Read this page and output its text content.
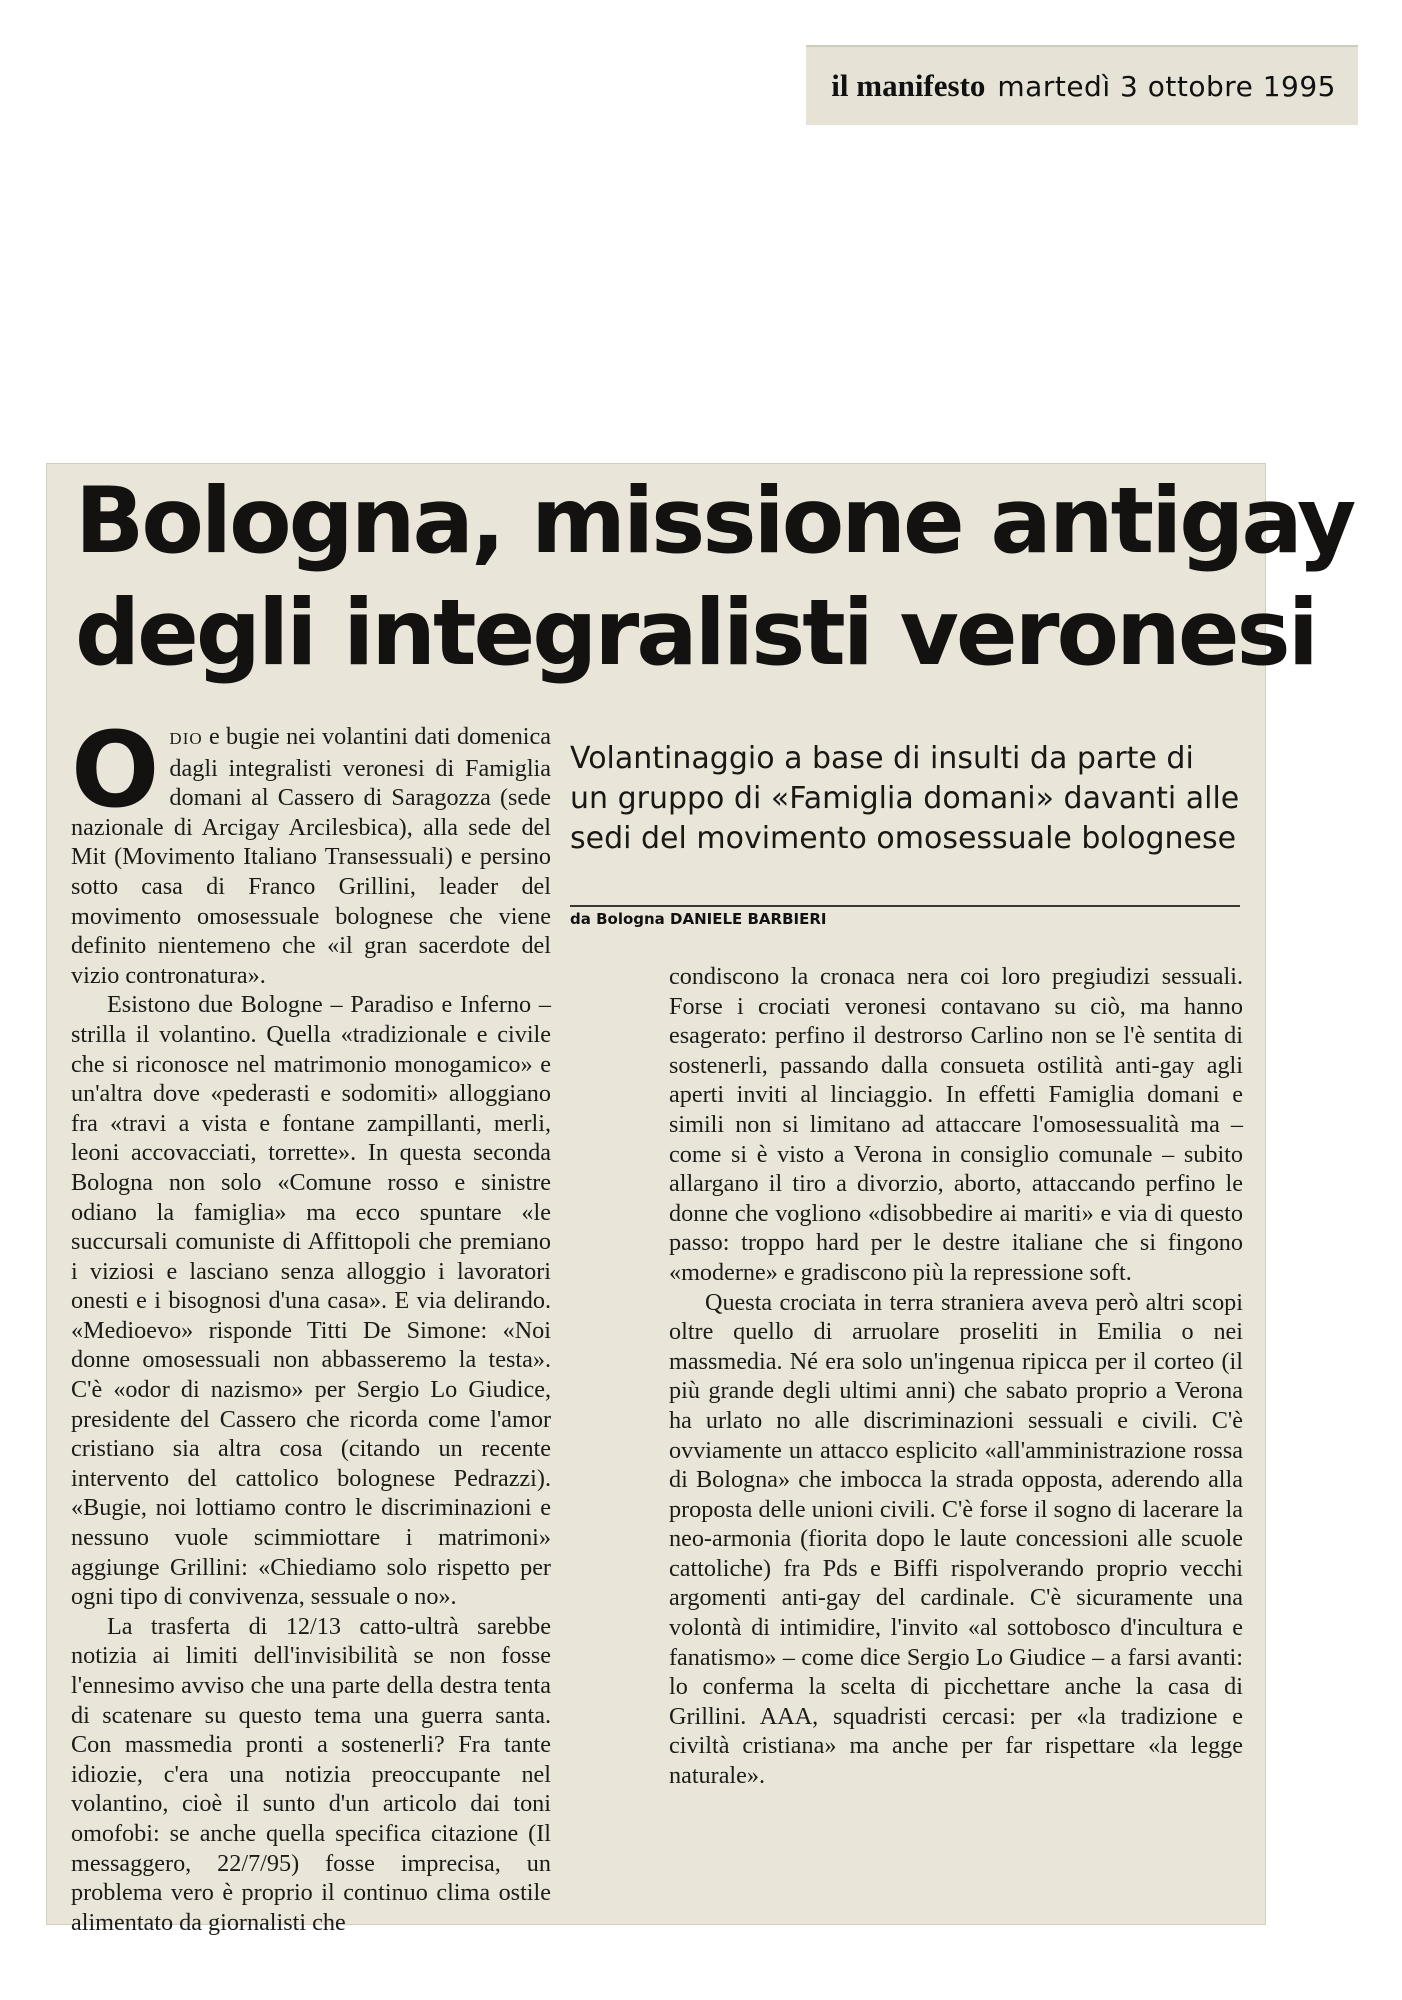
il manifesto martedì 3 ottobre 1995
Bologna, missione antigay
degli integralisti veronesi
Volantinaggio a base di insulti da parte di un gruppo di «Famiglia domani» davanti alle sedi del movimento omosessuale bolognese
da Bologna DANIELE BARBIERI

ODIO e bugie nei volantini dati domenica dagli integralisti veronesi di Famiglia domani al Cassero di Saragozza (sede nazionale di Arcigay Arcilesbica), alla sede del Mit (Movimento Italiano Transessuali) e persino sotto casa di Franco Grillini, leader del movimento omosessuale bolognese che viene definito nientemeno che «il gran sacerdote del vizio contronatura».

Esistono due Bologne – Paradiso e Inferno – strilla il volantino. Quella «tradizionale e civile che si riconosce nel matrimonio monogamico» e un'altra dove «pederasti e sodomiti» alloggiano fra «travi a vista e fontane zampillanti, merli, leoni accovacciati, torrette». In questa seconda Bologna non solo «Comune rosso e sinistre odiano la famiglia» ma ecco spuntare «le succursali comuniste di Affittopoli che premiano i viziosi e lasciano senza alloggio i lavoratori onesti e i bisognosi d'una casa». E via delirando. «Medioevo» risponde Titti De Simone: «Noi donne omosessuali non abbasseremo la testa». C'è «odor di nazismo» per Sergio Lo Giudice, presidente del Cassero che ricorda come l'amor cristiano sia altra cosa (citando un recente intervento del cattolico bolognese Pedrazzi). «Bugie, noi lottiamo contro le discriminazioni e nessuno vuole scimmiottare i matrimoni» aggiunge Grillini: «Chiediamo solo rispetto per ogni tipo di convivenza, sessuale o no».

La trasferta di 12/13 catto-ultrà sarebbe notizia ai limiti dell'invisibilità se non fosse l'ennesimo avviso che una parte della destra tenta di scatenare su questo tema una guerra santa. Con massmedia pronti a sostenerli? Fra tante idiozie, c'era una notizia preoccupante nel volantino, cioè il sunto d'un articolo dai toni omofobi: se anche quella specifica citazione (Il messaggero, 22/7/95) fosse imprecisa, un problema vero è proprio il continuo clima ostile alimentato da giornalisti che

condiscono la cronaca nera coi loro pregiudizi sessuali. Forse i crociati veronesi contavano su ciò, ma hanno esagerato: perfino il destrorso Carlino non se l'è sentita di sostenerli, passando dalla consueta ostilità anti-gay agli aperti inviti al linciaggio. In effetti Famiglia domani e simili non si limitano ad attaccare l'omosessualità ma – come si è visto a Verona in consiglio comunale – subito allargano il tiro a divorzio, aborto, attaccando perfino le donne che vogliono «disobbedire ai mariti» e via di questo passo: troppo hard per le destre italiane che si fingono «moderne» e gradiscono più la repressione soft.

Questa crociata in terra straniera aveva però altri scopi oltre quello di arruolare proseliti in Emilia o nei massmedia. Né era solo un'ingenua ripicca per il corteo (il più grande degli ultimi anni) che sabato proprio a Verona ha urlato no alle discriminazioni sessuali e civili. C'è ovviamente un attacco esplicito «all'amministrazione rossa di Bologna» che imbocca la strada opposta, aderendo alla proposta delle unioni civili. C'è forse il sogno di lacerare la neo-armonia (fiorita dopo le laute concessioni alle scuole cattoliche) fra Pds e Biffi rispolverando proprio vecchi argomenti anti-gay del cardinale. C'è sicuramente una volontà di intimidire, l'invito «al sottobosco d'incultura e fanatismo» – come dice Sergio Lo Giudice – a farsi avanti: lo conferma la scelta di picchettare anche la casa di Grillini. AAA, squadristi cercasi: per «la tradizione e civiltà cristiana» ma anche per far rispettare «la legge naturale».
